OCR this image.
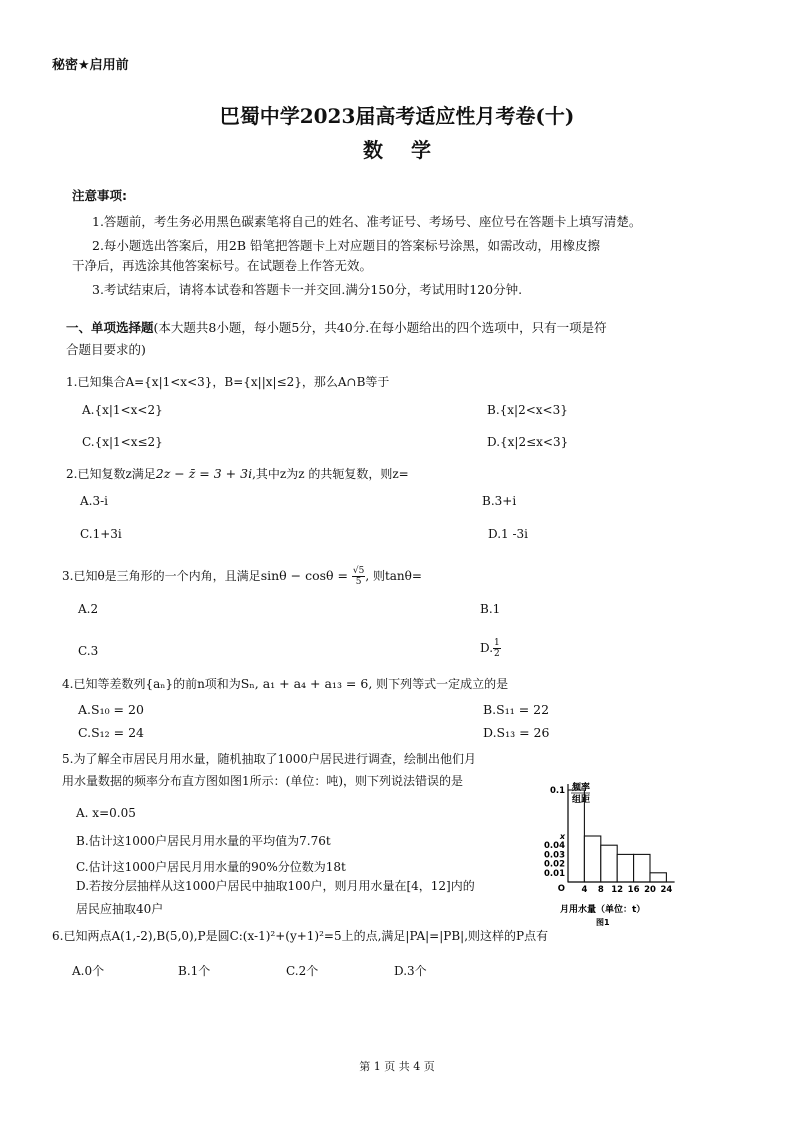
秘密★启用前
巴蜀中学2023届高考适应性月考卷(十)
数学
注意事项:
1.答题前，考生务必用黑色碳素笔将自己的姓名、准考证号、考场号、座位号在答题卡上填写清楚。
2.每小题选出答案后，用2B 铅笔把答题卡上对应题目的答案标号涂黑，如需改动，用橡皮擦
干净后，再选涂其他答案标号。在试题卷上作答无效。
3.考试结束后，请将本试卷和答题卡一并交回.满分150分，考试用时120分钟.
一、单项选择题(本大题共8小题，每小题5分，共40分.在每小题给出的四个选项中，只有一项是符
合题目要求的)
1.已知集合A={x|1<x<3}，B={x||x|≤2}，那么A∩B等于
A.{x|1<x<2}	B.{x|2<x<3}
C.{x|1<x≤2}	D.{x|2≤x<3}
2.已知复数z满足2z − z̄ = 3 + 3i,其中z为z 的共轭复数，则z=
A.3-i	B.3+i
C.1+3i	D.1 -3i
3.已知θ是三角形的一个内角，且满足$\sin\theta - \cos\theta = \frac{√5}{5}$ , 则tanθ=
A.2	B.1
C.3	D. $\frac{1}{2}$
4.已知等差数列{aₙ}的前n项和为Sₙ, a₁ + a₄ + a₁₃ = 6, 则下列等式一定成立的是
A.S₁₀ = 20	B.S₁₁ = 22
C.S₁₂ = 24	D.S₁₃ = 26
5.为了解全市居民月用水量，随机抽取了1000户居民进行调查，绘制出他们月
用水量数据的频率分布直方图如图1所示：(单位：吨)，则下列说法错误的是
A. x=0.05
B.估计这1000户居民月用水量的平均值为7.76t
C.估计这1000户居民月用水量的90%分位数为18t
D.若按分层抽样从这1000户居民中抽取100户，则月用水量在[4，12]内的
居民应抽取40户
0.1
x
0.04
0.03
0.02
0.01
O 4 8 12 16 20 24
频率
组距
月用水量（单位：t）
图1
6.已知两点A(1,-2),B(5,0),P是圆C:(x-1)²+(y+1)²=5上的点,满足|PA|=|PB|,则这样的P点有
A.0个	B.1个	C.2个	D.3个
第 1 页 共 4 页
